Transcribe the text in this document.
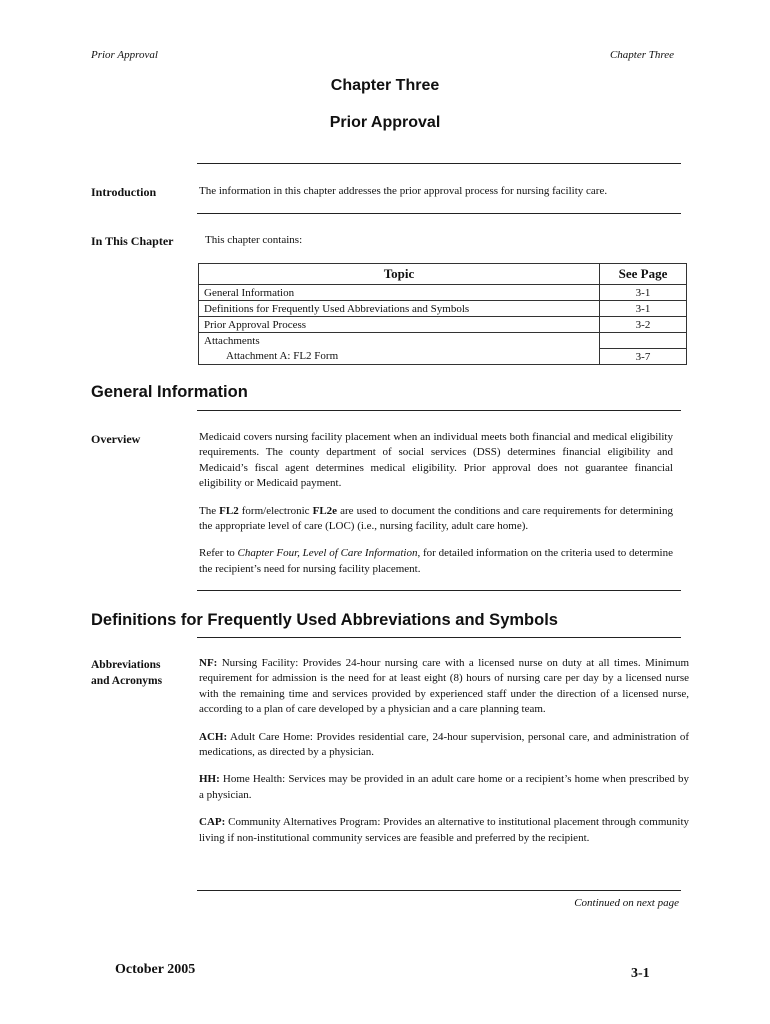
Prior Approval	Chapter Three
Chapter Three
Prior Approval
Introduction	The information in this chapter addresses the prior approval process for nursing facility care.
In This Chapter	This chapter contains:
Topic	See Page
General Information	3-1
Definitions for Frequently Used Abbreviations and Symbols	3-1
Prior Approval Process	3-2
Attachments	
Attachment A: FL2 Form	3-7
General Information
Overview	Medicaid covers nursing facility placement when an individual meets both financial and medical eligibility requirements. The county department of social services (DSS) determines financial eligibility and Medicaid’s fiscal agent determines medical eligibility. Prior approval does not guarantee financial eligibility or Medicaid payment.

The FL2 form/electronic FL2e are used to document the conditions and care requirements for determining the appropriate level of care (LOC) (i.e., nursing facility, adult care home).

Refer to Chapter Four, Level of Care Information, for detailed information on the criteria used to determine the recipient’s need for nursing facility placement.

Definitions for Frequently Used Abbreviations and Symbols
Abbreviations
and Acronyms

NF: Nursing Facility: Provides 24-hour nursing care with a licensed nurse on duty at all times. Minimum requirement for admission is the need for at least eight (8) hours of nursing care per day by a licensed nurse with the remaining time and services provided by experienced staff under the direction of a licensed nurse, according to a plan of care developed by a physician and a care planning team.

ACH: Adult Care Home: Provides residential care, 24-hour supervision, personal care, and administration of medications, as directed by a physician.

HH: Home Health: Services may be provided in an adult care home or a recipient’s home when prescribed by a physician.

CAP: Community Alternatives Program: Provides an alternative to institutional placement through community living if non-institutional community services are feasible and preferred by the recipient.

Continued on next page
October 2005	3-1
